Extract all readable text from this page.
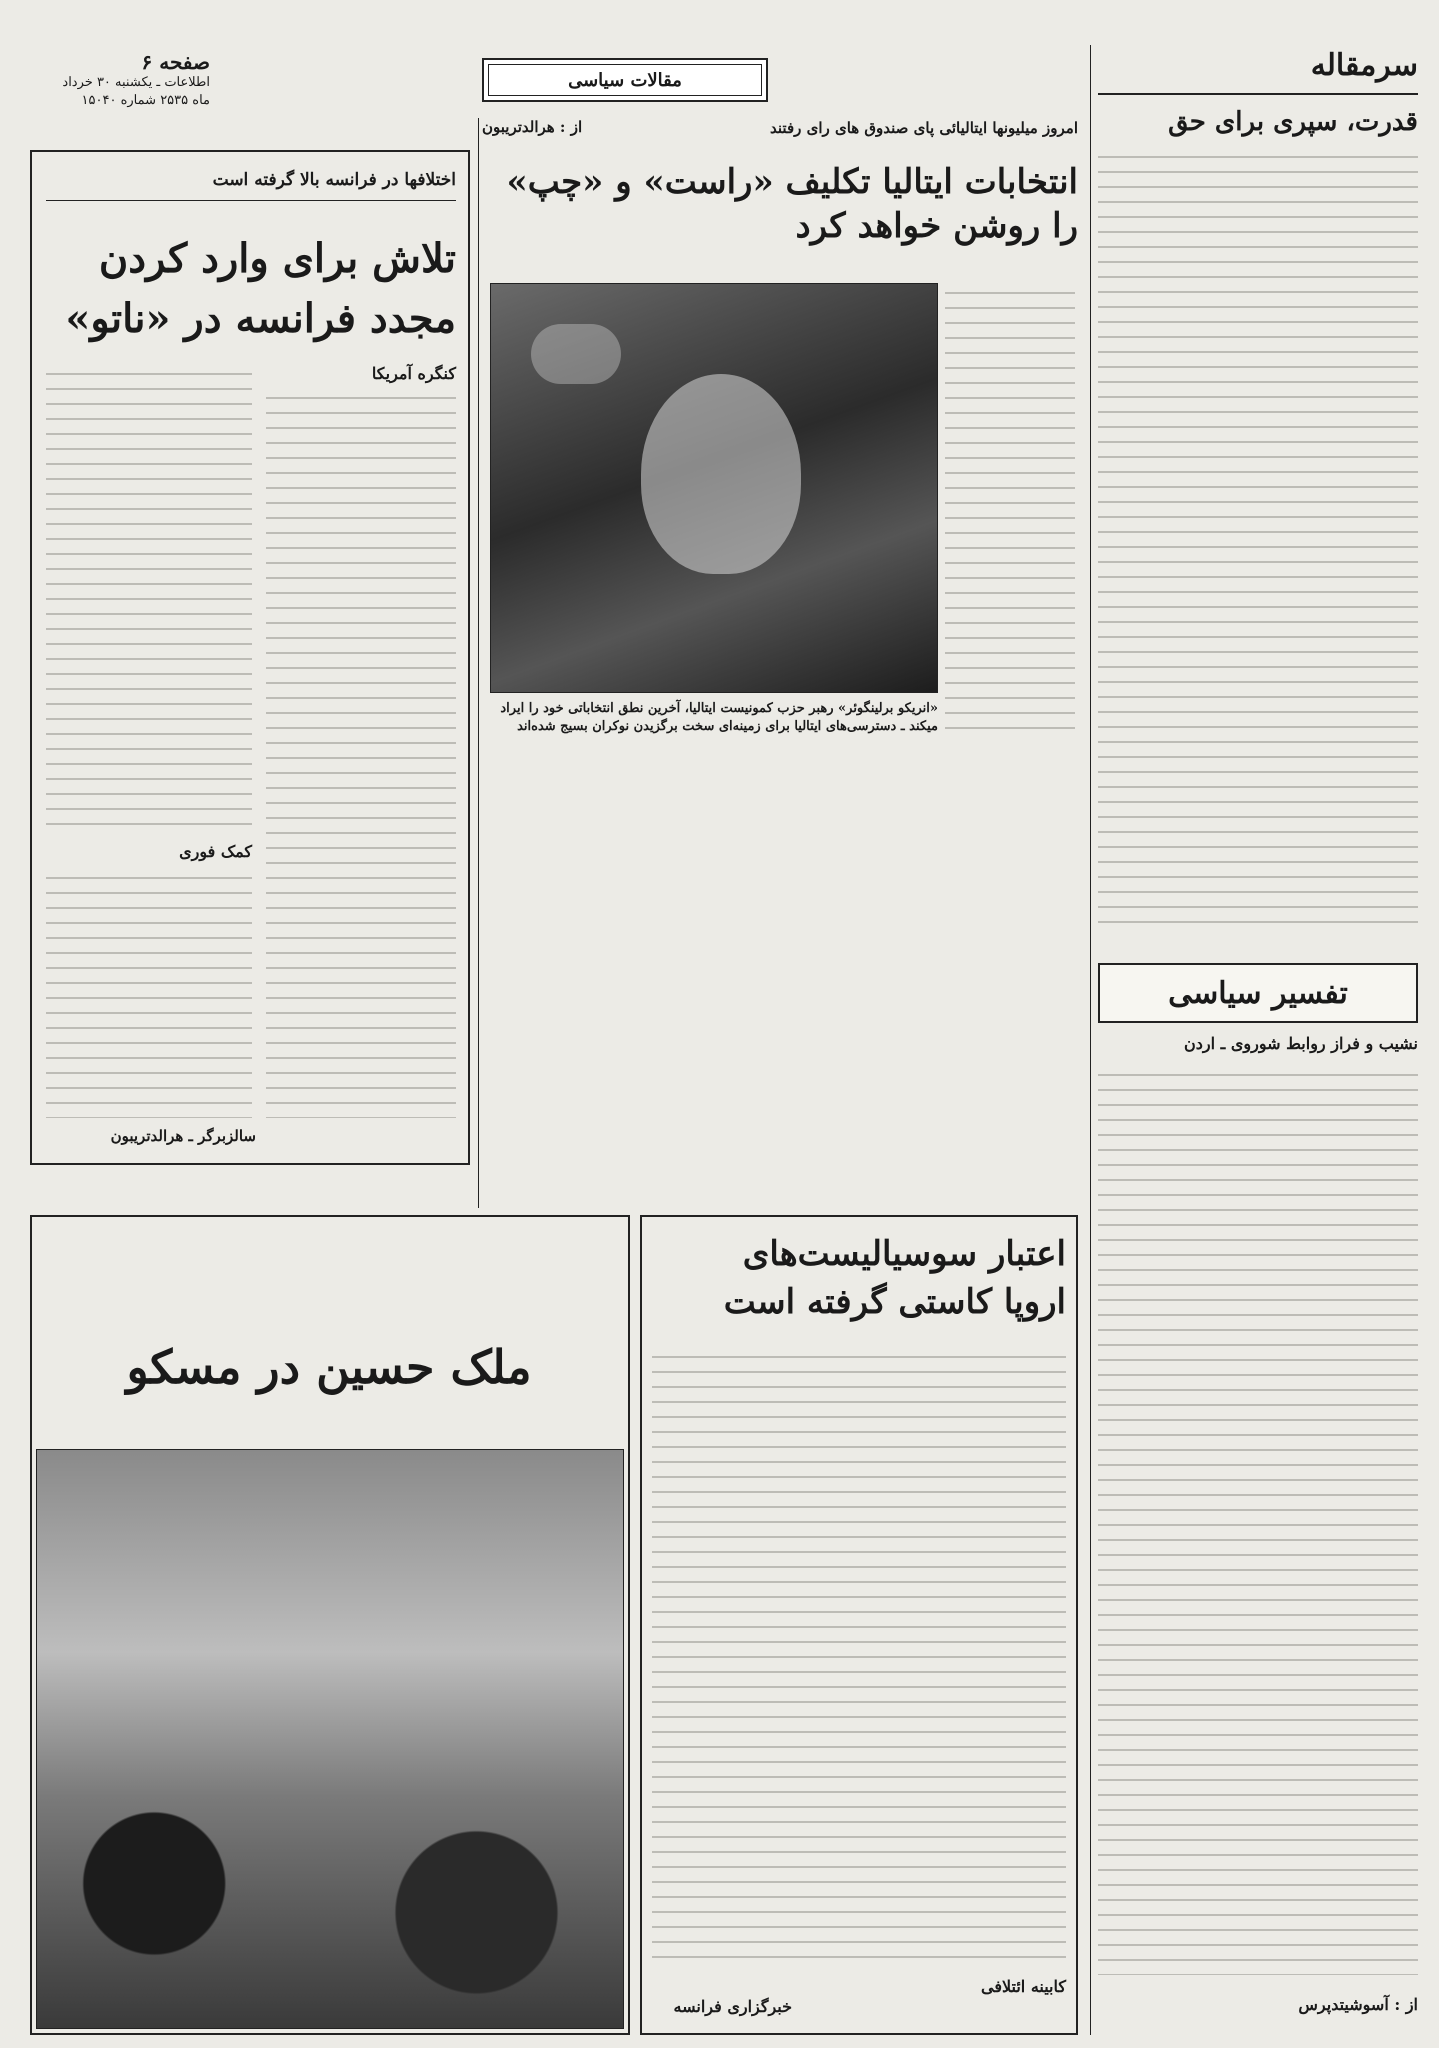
صفحه ۶
اطلاعات ـ یکشنبه ۳۰ خرداد
ماه ۲۵۳۵ شماره ۱۵۰۴۰
مقالات سیاسی	سرمقاله
قدرت، سپری برای حق
تفسیر سیاسی
نشیب و فراز روابط شوروی ـ اردن
از : آسوشیتدپرس
امروز میلیونها ایتالیائی پای صندوق های رای رفتند
از : هرالدتریبون
انتخابات ایتالیا تکلیف «راست» و «چپ»
را روشن خواهد کرد
«انریکو برلینگوئر» رهبر حزب کمونیست ایتالیا، آخرین نطق انتخاباتی خود را ایراد میکند ـ دسترسی‌های ایتالیا برای زمینه‌ای سخت برگزیدن نوکران بسیج شده‌اند
اختلافها در فرانسه بالا گرفته است
تلاش برای وارد کردن
مجدد فرانسه در «ناتو»
کنگره آمریکا
کمک فوری
سالزبرگر ـ هرالدتریبون
اعتبار سوسیالیست‌های
اروپا کاستی گرفته است
کابینه ائتلافی
خبرگزاری فرانسه
ملک حسین در مسکو
